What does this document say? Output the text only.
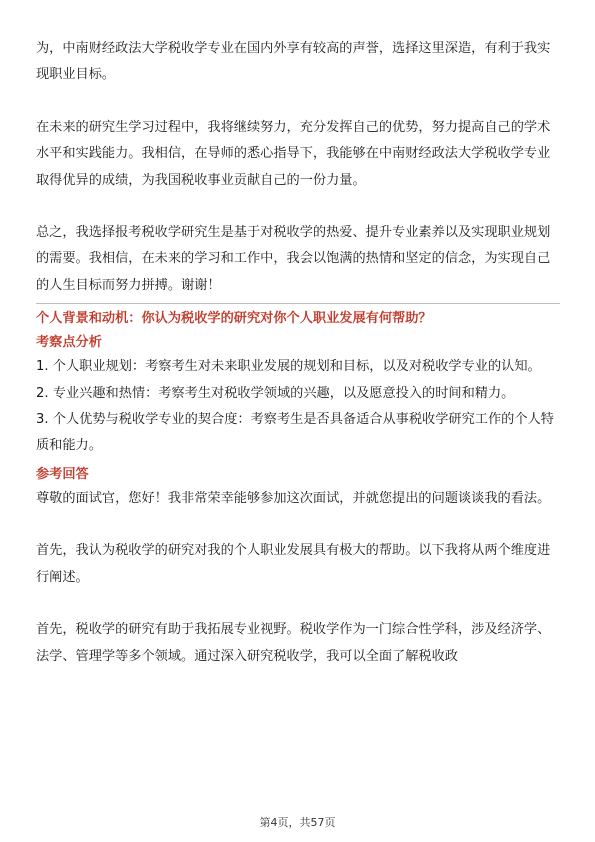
为，中南财经政法大学税收学专业在国内外享有较高的声誉，选择这里深造，有利于我实现职业目标。

在未来的研究生学习过程中，我将继续努力，充分发挥自己的优势，努力提高自己的学术水平和实践能力。我相信，在导师的悉心指导下，我能够在中南财经政法大学税收学专业取得优异的成绩，为我国税收事业贡献自己的一份力量。

总之，我选择报考税收学研究生是基于对税收学的热爱、提升专业素养以及实现职业规划的需要。我相信，在未来的学习和工作中，我会以饱满的热情和坚定的信念，为实现自己的人生目标而努力拼搏。谢谢！

个人背景和动机：你认为税收学的研究对你个人职业发展有何帮助？

考察点分析

1. 个人职业规划：考察考生对未来职业发展的规划和目标，以及对税收学专业的认知。

2. 专业兴趣和热情：考察考生对税收学领域的兴趣，以及愿意投入的时间和精力。

3. 个人优势与税收学专业的契合度：考察考生是否具备适合从事税收学研究工作的个人特质和能力。

参考回答

尊敬的面试官，您好！我非常荣幸能够参加这次面试，并就您提出的问题谈谈我的看法。

首先，我认为税收学的研究对我的个人职业发展具有极大的帮助。以下我将从两个维度进行阐述。

首先，税收学的研究有助于我拓展专业视野。税收学作为一门综合性学科，涉及经济学、法学、管理学等多个领域。通过深入研究税收学，我可以全面了解税收政

第4页，共57页
